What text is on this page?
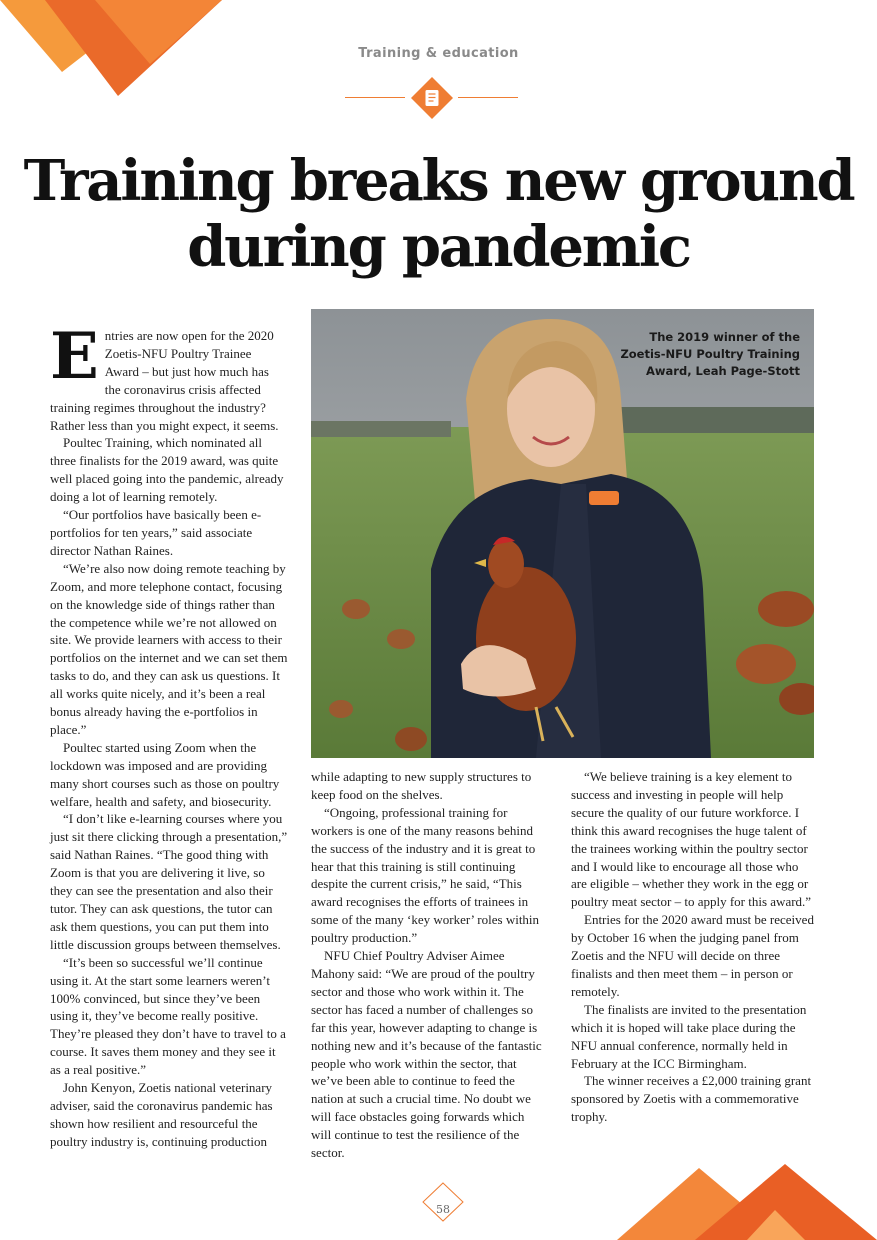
Training & education
Training breaks new ground during pandemic

Entries are now open for the 2020 Zoetis-NFU Poultry Trainee Award – but just how much has the coronavirus crisis affected training regimes throughout the industry? Rather less than you might expect, it seems.

Poultec Training, which nominated all three finalists for the 2019 award, was quite well placed going into the pandemic, already doing a lot of learning remotely.

“Our portfolios have basically been e-portfolios for ten years,” said associate director Nathan Raines.

“We’re also now doing remote teaching by Zoom, and more telephone contact, focusing on the knowledge side of things rather than the competence while we’re not allowed on site. We provide learners with access to their portfolios on the internet and we can set them tasks to do, and they can ask us questions. It all works quite nicely, and it’s been a real bonus already having the e-portfolios in place.”

Poultec started using Zoom when the lockdown was imposed and are providing many short courses such as those on poultry welfare, health and safety, and biosecurity.

“I don’t like e-learning courses where you just sit there clicking through a presentation,” said Nathan Raines. “The good thing with Zoom is that you are delivering it live, so they can see the presentation and also their tutor. They can ask questions, the tutor can ask them questions, you can put them into little discussion groups between themselves.

“It’s been so successful we’ll continue using it. At the start some learners weren’t 100% convinced, but since they’ve been using it, they’ve become really positive. They’re pleased they don’t have to travel to a course. It saves them money and they see it as a real positive.”

John Kenyon, Zoetis national veterinary adviser, said the coronavirus pandemic has shown how resilient and resourceful the poultry industry is, continuing production

The 2019 winner of the
Zoetis-NFU Poultry Training
Award, Leah Page-Stott

while adapting to new supply structures to keep food on the shelves.

“Ongoing, professional training for workers is one of the many reasons behind the success of the industry and it is great to hear that this training is still continuing despite the current crisis,” he said, “This award recognises the efforts of trainees in some of the many ‘key worker’ roles within poultry production.”

NFU Chief Poultry Adviser Aimee Mahony said: “We are proud of the poultry sector and those who work within it. The sector has faced a number of challenges so far this year, however adapting to change is nothing new and it’s because of the fantastic people who work within the sector, that we’ve been able to continue to feed the nation at such a crucial time. No doubt we will face obstacles going forwards which will continue to test the resilience of the sector.

“We believe training is a key element to success and investing in people will help secure the quality of our future workforce. I think this award recognises the huge talent of the trainees working within the poultry sector and I would like to encourage all those who are eligible – whether they work in the egg or poultry meat sector – to apply for this award.”

Entries for the 2020 award must be received by October 16 when the judging panel from Zoetis and the NFU will decide on three finalists and then meet them – in person or remotely.

The finalists are invited to the presentation which it is hoped will take place during the NFU annual conference, normally held in February at the ICC Birmingham.

The winner receives a £2,000 training grant sponsored by Zoetis with a commemorative trophy.

58
